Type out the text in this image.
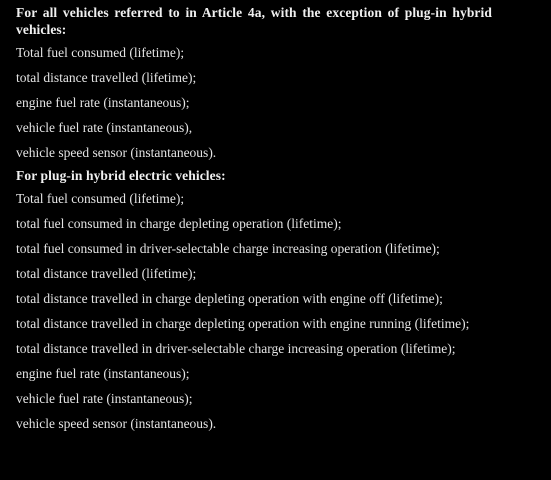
For all vehicles referred to in Article 4a, with the exception of plug-in hybrid vehicles:
Total fuel consumed (lifetime);
total distance travelled (lifetime);
engine fuel rate (instantaneous);
vehicle fuel rate (instantaneous),
vehicle speed sensor (instantaneous).
For plug-in hybrid electric vehicles:
Total fuel consumed (lifetime);
total fuel consumed in charge depleting operation (lifetime);
total fuel consumed in driver-selectable charge increasing operation (lifetime);
total distance travelled (lifetime);
total distance travelled in charge depleting operation with engine off (lifetime);
total distance travelled in charge depleting operation with engine running (lifetime);
total distance travelled in driver-selectable charge increasing operation (lifetime);
engine fuel rate (instantaneous);
vehicle fuel rate (instantaneous);
vehicle speed sensor (instantaneous).
